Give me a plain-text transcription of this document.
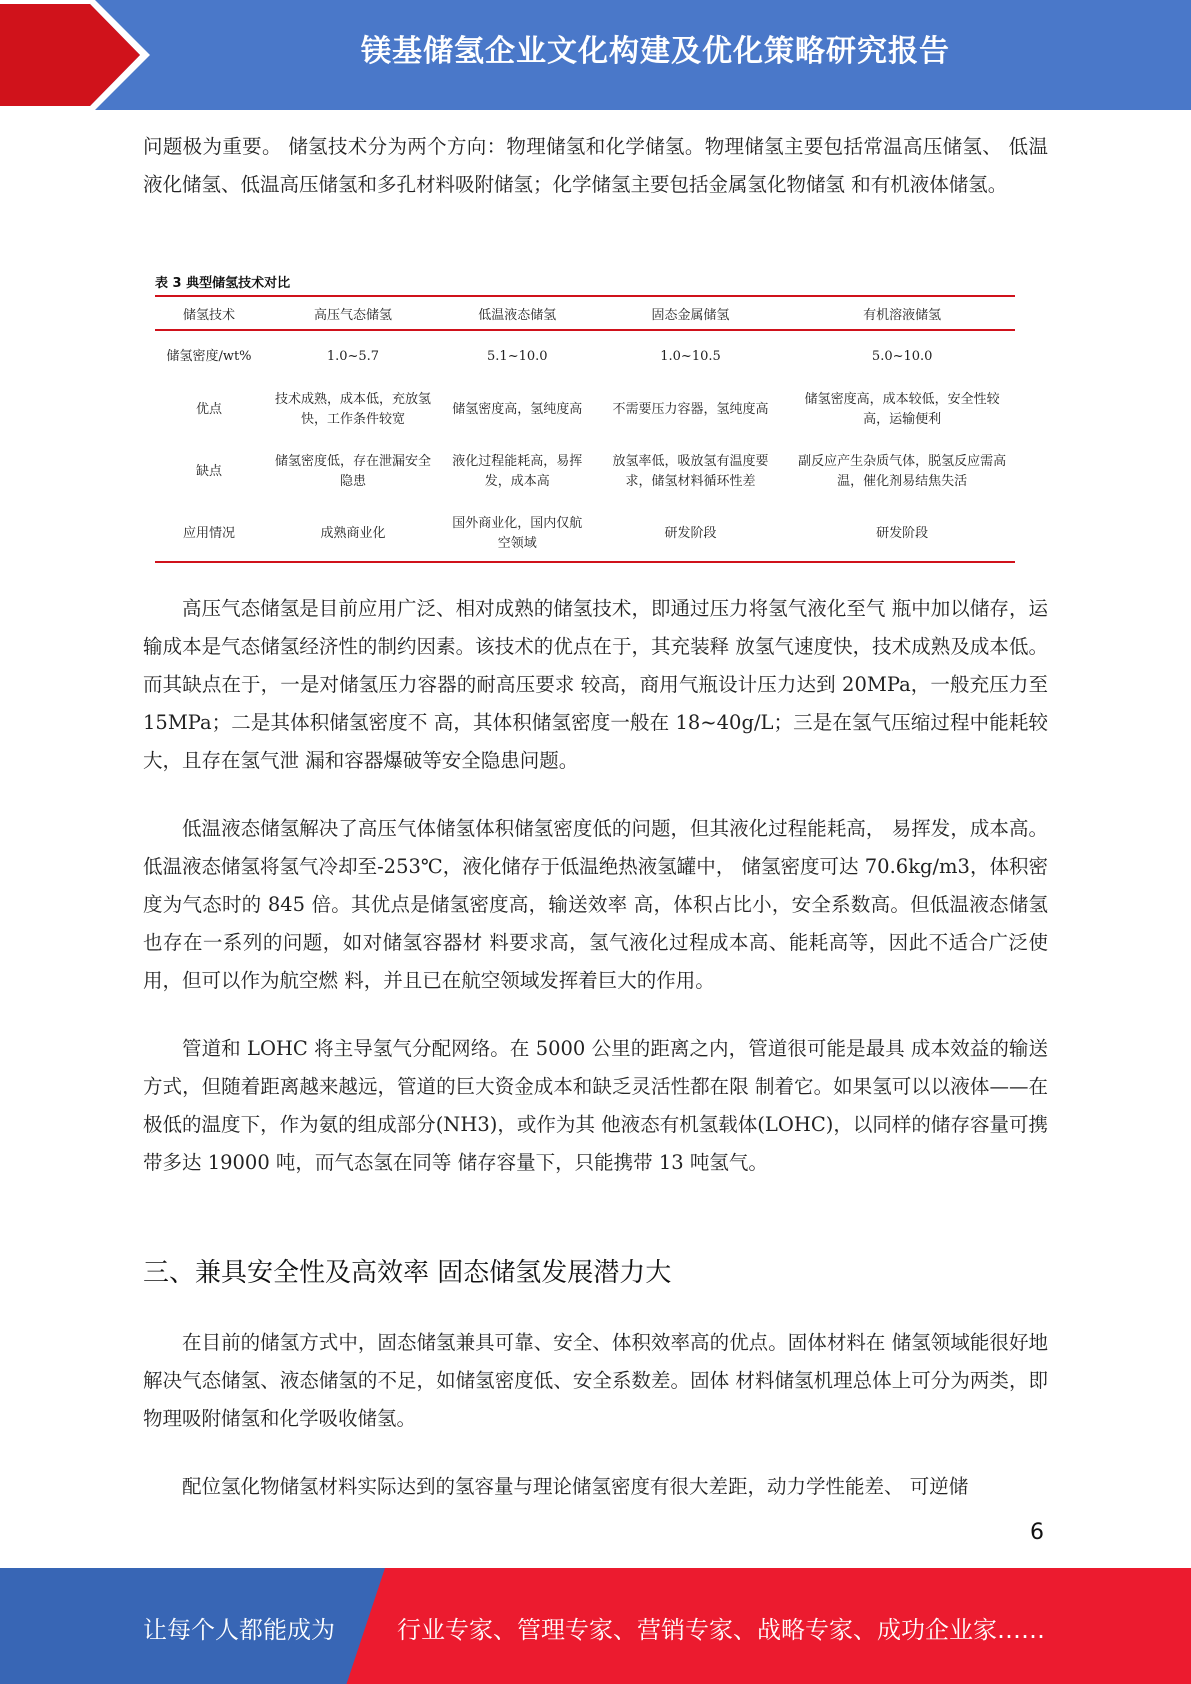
镁基储氢企业文化构建及优化策略研究报告

问题极为重要。 储氢技术分为两个方向：物理储氢和化学储氢。物理储氢主要包括常温高压储氢、 低温液化储氢、低温高压储氢和多孔材料吸附储氢；化学储氢主要包括金属氢化物储氢 和有机液体储氢。

表 3 典型储氢技术对比
储氢技术	高压气态储氢	低温液态储氢	固态金属储氢	有机溶液储氢
储氢密度/wt%	1.0~5.7	5.1~10.0	1.0~10.5	5.0~10.0
优点	技术成熟，成本低，充放氢快，工作条件较宽	储氢密度高，氢纯度高	不需要压力容器，氢纯度高	储氢密度高，成本较低，安全性较高，运输便利
缺点	储氢密度低，存在泄漏安全隐患	液化过程能耗高，易挥发，成本高	放氢率低，吸放氢有温度要求，储氢材料循环性差	副反应产生杂质气体，脱氢反应需高温，催化剂易结焦失活
应用情况	成熟商业化	国外商业化，国内仅航空领域	研发阶段	研发阶段

高压气态储氢是目前应用广泛、相对成熟的储氢技术，即通过压力将氢气液化至气 瓶中加以储存，运输成本是气态储氢经济性的制约因素。该技术的优点在于，其充装释 放氢气速度快，技术成熟及成本低。而其缺点在于，一是对储氢压力容器的耐高压要求 较高，商用气瓶设计压力达到 20MPa，一般充压力至 15MPa；二是其体积储氢密度不 高，其体积储氢密度一般在 18~40g/L；三是在氢气压缩过程中能耗较大，且存在氢气泄 漏和容器爆破等安全隐患问题。

低温液态储氢解决了高压气体储氢体积储氢密度低的问题，但其液化过程能耗高， 易挥发，成本高。低温液态储氢将氢气冷却至-253℃，液化储存于低温绝热液氢罐中， 储氢密度可达 70.6kg/m3，体积密度为气态时的 845 倍。其优点是储氢密度高，输送效率 高，体积占比小，安全系数高。但低温液态储氢也存在一系列的问题，如对储氢容器材 料要求高，氢气液化过程成本高、能耗高等，因此不适合广泛使用，但可以作为航空燃 料，并且已在航空领域发挥着巨大的作用。

管道和 LOHC 将主导氢气分配网络。在 5000 公里的距离之内，管道很可能是最具 成本效益的输送方式，但随着距离越来越远，管道的巨大资金成本和缺乏灵活性都在限 制着它。如果氢可以以液体——在极低的温度下，作为氨的组成部分(NH3)，或作为其 他液态有机氢载体(LOHC)，以同样的储存容量可携带多达 19000 吨，而气态氢在同等 储存容量下，只能携带 13 吨氢气。

三、兼具安全性及高效率 固态储氢发展潜力大

在目前的储氢方式中，固态储氢兼具可靠、安全、体积效率高的优点。固体材料在 储氢领域能很好地解决气态储氢、液态储氢的不足，如储氢密度低、安全系数差。固体 材料储氢机理总体上可分为两类，即物理吸附储氢和化学吸收储氢。

配位氢化物储氢材料实际达到的氢容量与理论储氢密度有很大差距，动力学性能差、 可逆储

6
让每个人都能成为	行业专家、管理专家、营销专家、战略专家、成功企业家……
